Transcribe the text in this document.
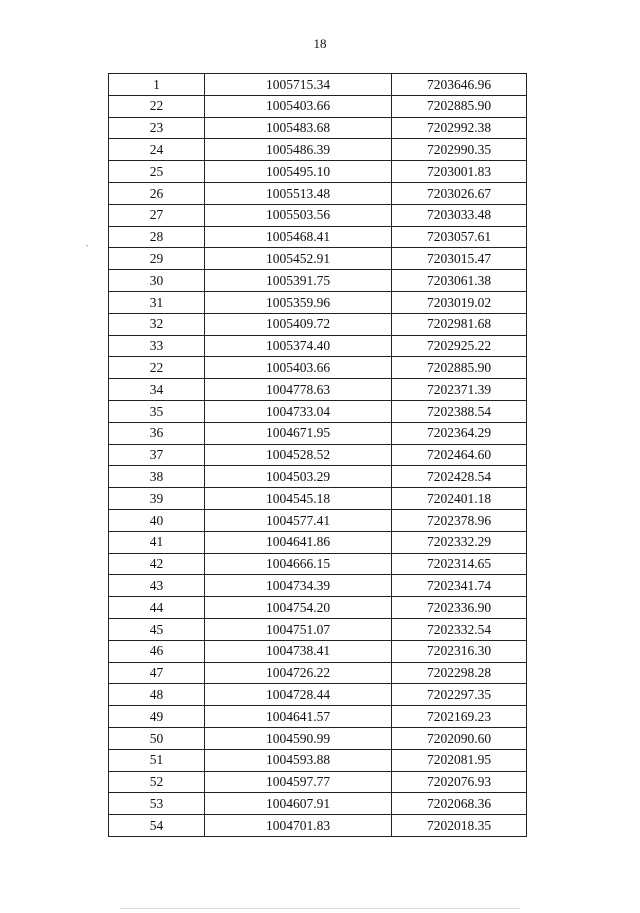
18
1	1005715.34	7203646.96
22	1005403.66	7202885.90
23	1005483.68	7202992.38
24	1005486.39	7202990.35
25	1005495.10	7203001.83
26	1005513.48	7203026.67
27	1005503.56	7203033.48
28	1005468.41	7203057.61
29	1005452.91	7203015.47
30	1005391.75	7203061.38
31	1005359.96	7203019.02
32	1005409.72	7202981.68
33	1005374.40	7202925.22
22	1005403.66	7202885.90
34	1004778.63	7202371.39
35	1004733.04	7202388.54
36	1004671.95	7202364.29
37	1004528.52	7202464.60
38	1004503.29	7202428.54
39	1004545.18	7202401.18
40	1004577.41	7202378.96
41	1004641.86	7202332.29
42	1004666.15	7202314.65
43	1004734.39	7202341.74
44	1004754.20	7202336.90
45	1004751.07	7202332.54
46	1004738.41	7202316.30
47	1004726.22	7202298.28
48	1004728.44	7202297.35
49	1004641.57	7202169.23
50	1004590.99	7202090.60
51	1004593.88	7202081.95
52	1004597.77	7202076.93
53	1004607.91	7202068.36
54	1004701.83	7202018.35
•
